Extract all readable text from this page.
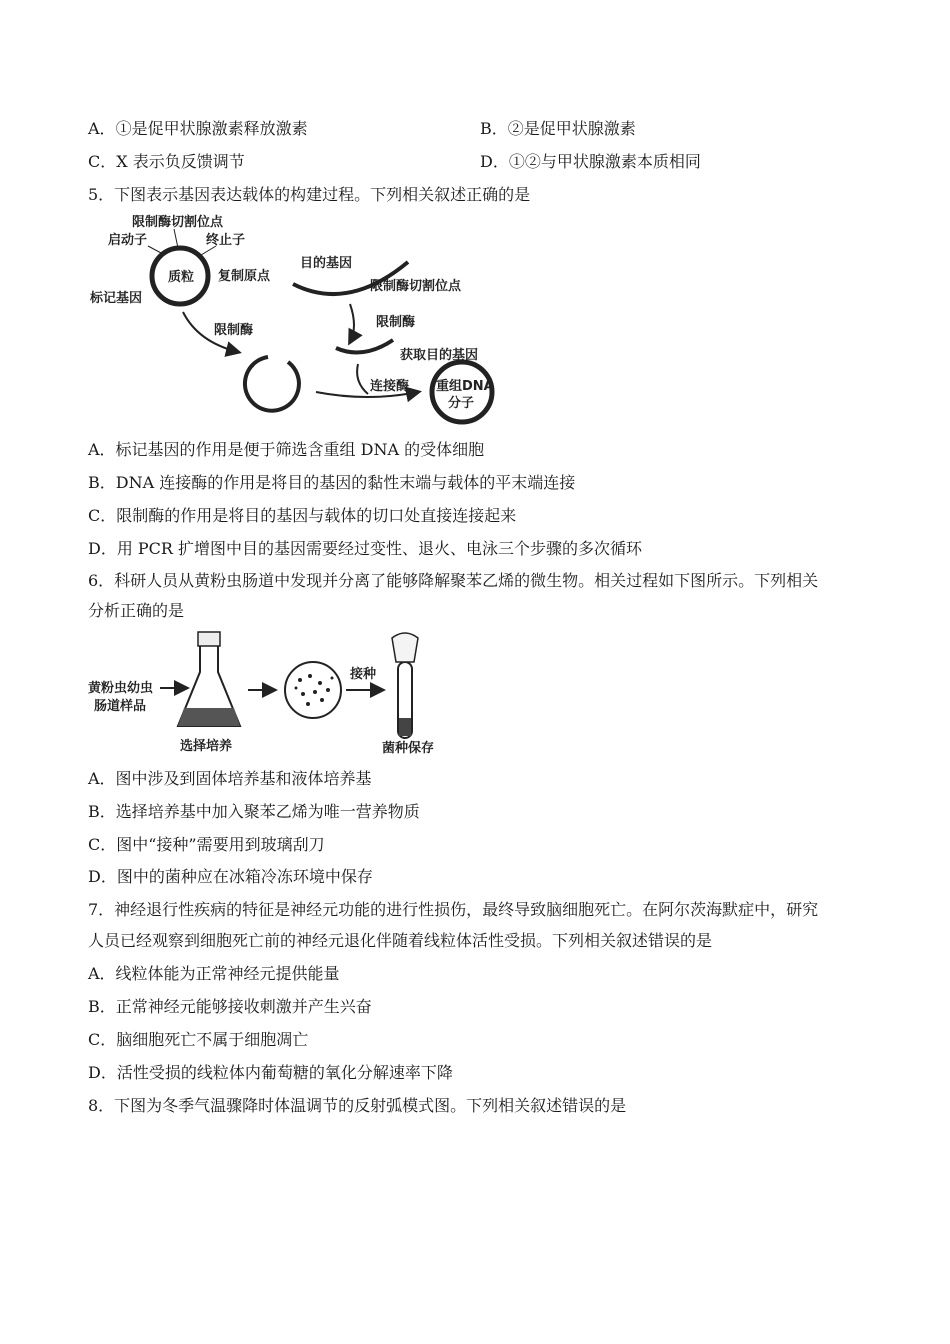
A．①是促甲状腺激素释放激素	B．②是促甲状腺激素
C．X 表示负反馈调节	D．①②与甲状腺激素本质相同
5．下图表示基因表达载体的构建过程。下列相关叙述正确的是
质粒
限制酶切割位点
启动子	终止子
复制原点
标记基因
目的基因
限制酶切割位点
限制酶
限制酶
获取目的基因
连接酶 重组DNA
分子
A．标记基因的作用是便于筛选含重组 DNA 的受体细胞
B．DNA 连接酶的作用是将目的基因的黏性末端与载体的平末端连接
C．限制酶的作用是将目的基因与载体的切口处直接连接起来
D．用 PCR 扩增图中目的基因需要经过变性、退火、电泳三个步骤的多次循环
6．科研人员从黄粉虫肠道中发现并分离了能够降解聚苯乙烯的微生物。相关过程如下图所示。下列相关
分析正确的是
黄粉虫幼虫
肠道样品
选择培养
接种
菌种保存
A．图中涉及到固体培养基和液体培养基
B．选择培养基中加入聚苯乙烯为唯一营养物质
C．图中“接种”需要用到玻璃刮刀
D．图中的菌种应在冰箱冷冻环境中保存
7．神经退行性疾病的特征是神经元功能的进行性损伤，最终导致脑细胞死亡。在阿尔茨海默症中，研究
人员已经观察到细胞死亡前的神经元退化伴随着线粒体活性受损。下列相关叙述错误的是
A．线粒体能为正常神经元提供能量
B．正常神经元能够接收刺激并产生兴奋
C．脑细胞死亡不属于细胞凋亡
D．活性受损的线粒体内葡萄糖的氧化分解速率下降
8．下图为冬季气温骤降时体温调节的反射弧模式图。下列相关叙述错误的是
